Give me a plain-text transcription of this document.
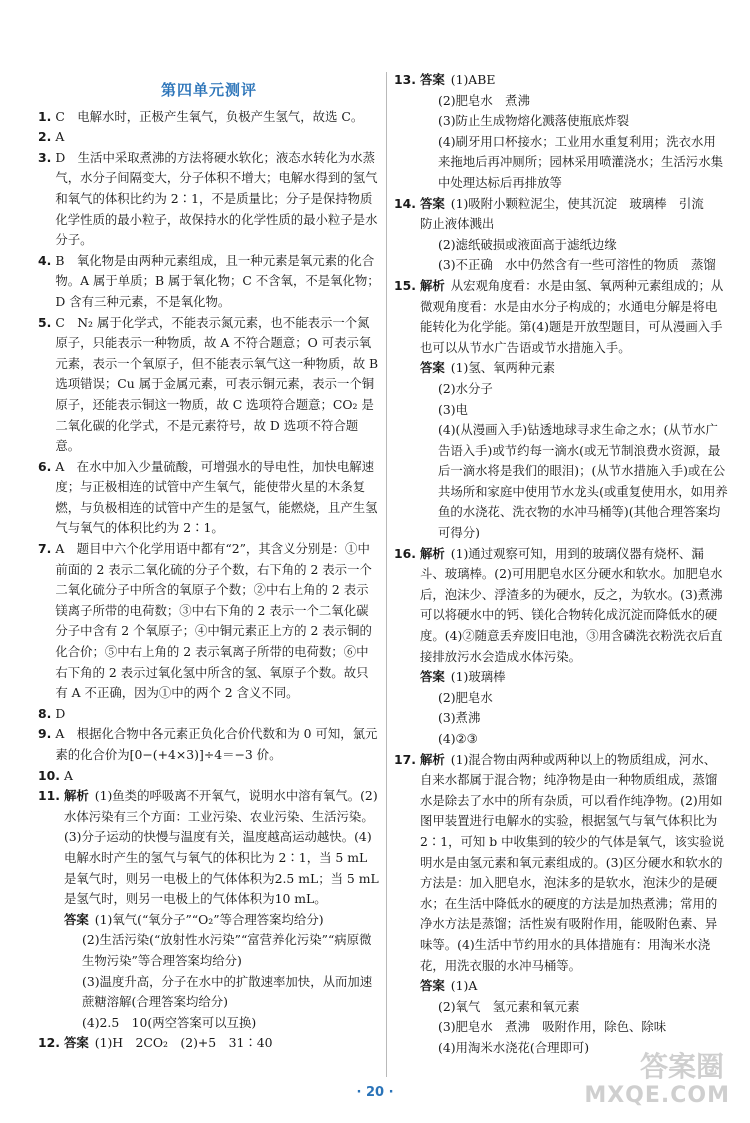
第四单元测评
1. C　电解水时，正极产生氧气，负极产生氢气，故选 C。
2. A
3. D　生活中采取煮沸的方法将硬水软化；液态水转化为水蒸气，水分子间隔变大，分子体积不增大；电解水得到的氢气和氧气的体积比约为 2∶1，不是质量比；分子是保持物质化学性质的最小粒子，故保持水的化学性质的最小粒子是水分子。
4. B　氧化物是由两种元素组成，且一种元素是氧元素的化合物。A 属于单质；B 属于氧化物；C 不含氧，不是氧化物；D 含有三种元素，不是氧化物。
5. C　N₂ 属于化学式，不能表示氮元素，也不能表示一个氮原子，只能表示一种物质，故 A 不符合题意；O 可表示氧元素，表示一个氧原子，但不能表示氧气这一种物质，故 B 选项错误；Cu 属于金属元素，可表示铜元素，表示一个铜原子，还能表示铜这一物质，故 C 选项符合题意；CO₂ 是二氧化碳的化学式，不是元素符号，故 D 选项不符合题意。
6. A　在水中加入少量硫酸，可增强水的导电性，加快电解速度；与正极相连的试管中产生氧气，能使带火星的木条复燃，与负极相连的试管中产生的是氢气，能燃烧，且产生氢气与氧气的体积比约为 2∶1。
7. A　题目中六个化学用语中都有“2”，其含义分别是：①中前面的 2 表示二氧化硫的分子个数，右下角的 2 表示一个二氧化硫分子中所含的氧原子个数；②中右上角的 2 表示镁离子所带的电荷数；③中右下角的 2 表示一个二氧化碳分子中含有 2 个氧原子；④中铜元素正上方的 2 表示铜的化合价；⑤中右上角的 2 表示氧离子所带的电荷数；⑥中右下角的 2 表示过氧化氢中所含的氢、氧原子个数。故只有 A 不正确，因为①中的两个 2 含义不同。
8. D
9. A　根据化合物中各元素正负化合价代数和为 0 可知，氯元素的化合价为[0−(+4×3)]÷4＝−3 价。
10. A
11. 解析 (1)鱼类的呼吸离不开氧气，说明水中溶有氧气。(2)水体污染有三个方面：工业污染、农业污染、生活污染。(3)分子运动的快慢与温度有关，温度越高运动越快。(4)电解水时产生的氢气与氧气的体积比为 2∶1，当 5 mL 是氧气时，则另一电极上的气体体积为2.5 mL；当 5 mL 是氢气时，则另一电极上的气体体积为10 mL。
答案 (1)氧气(“氧分子”“O₂”等合理答案均给分)
(2)生活污染(“放射性水污染”“富营养化污染”“病原微生物污染”等合理答案均给分)
(3)温度升高，分子在水中的扩散速率加快，从而加速蔗糖溶解(合理答案均给分)
(4)2.5　10(两空答案可以互换)
12. 答案 (1)H　2CO₂　(2)+5　31∶40
13. 答案 (1)ABE
(2)肥皂水　煮沸
(3)防止生成物熔化溅落使瓶底炸裂
(4)刷牙用口杯接水；工业用水重复利用；洗衣水用来拖地后再冲厕所；园林采用喷灌浇水；生活污水集中处理达标后再排放等
14. 答案 (1)吸附小颗粒泥尘，使其沉淀　玻璃棒　引流　防止液体溅出
(2)滤纸破损或液面高于滤纸边缘
(3)不正确　水中仍然含有一些可溶性的物质　蒸馏
15. 解析 从宏观角度看：水是由氢、氧两种元素组成的；从微观角度看：水是由水分子构成的；水通电分解是将电能转化为化学能。第(4)题是开放型题目，可从漫画入手也可以从节水广告语或节水措施入手。
答案 (1)氢、氧两种元素
(2)水分子
(3)电
(4)(从漫画入手)钻透地球寻求生命之水；(从节水广告语入手)或节约每一滴水(或无节制浪费水资源，最后一滴水将是我们的眼泪)；(从节水措施入手)或在公共场所和家庭中使用节水龙头(或重复使用水，如用养鱼的水浇花、洗衣物的水冲马桶等)(其他合理答案均可得分)
16. 解析 (1)通过观察可知，用到的玻璃仪器有烧杯、漏斗、玻璃棒。(2)可用肥皂水区分硬水和软水。加肥皂水后，泡沫少、浮渣多的为硬水，反之，为软水。(3)煮沸可以将硬水中的钙、镁化合物转化成沉淀而降低水的硬度。(4)②随意丢弃废旧电池，③用含磷洗衣粉洗衣后直接排放污水会造成水体污染。
答案 (1)玻璃棒
(2)肥皂水
(3)煮沸
(4)②③
17. 解析 (1)混合物由两种或两种以上的物质组成，河水、自来水都属于混合物；纯净物是由一种物质组成，蒸馏水是除去了水中的所有杂质，可以看作纯净物。(2)用如图甲装置进行电解水的实验，根据氢气与氧气体积比为 2∶1，可知 b 中收集到的较少的气体是氧气，该实验说明水是由氢元素和氧元素组成的。(3)区分硬水和软水的方法是：加入肥皂水，泡沫多的是软水，泡沫少的是硬水；在生活中降低水的硬度的方法是加热煮沸；常用的净水方法是蒸馏；活性炭有吸附作用，能吸附色素、异味等。(4)生活中节约用水的具体措施有：用淘米水浇花，用洗衣服的水冲马桶等。
答案 (1)A
(2)氧气　氢元素和氧元素
(3)肥皂水　煮沸　吸附作用，除色、除味
(4)用淘米水浇花(合理即可)
· 20 ·
答案圈
MXQE.COM
